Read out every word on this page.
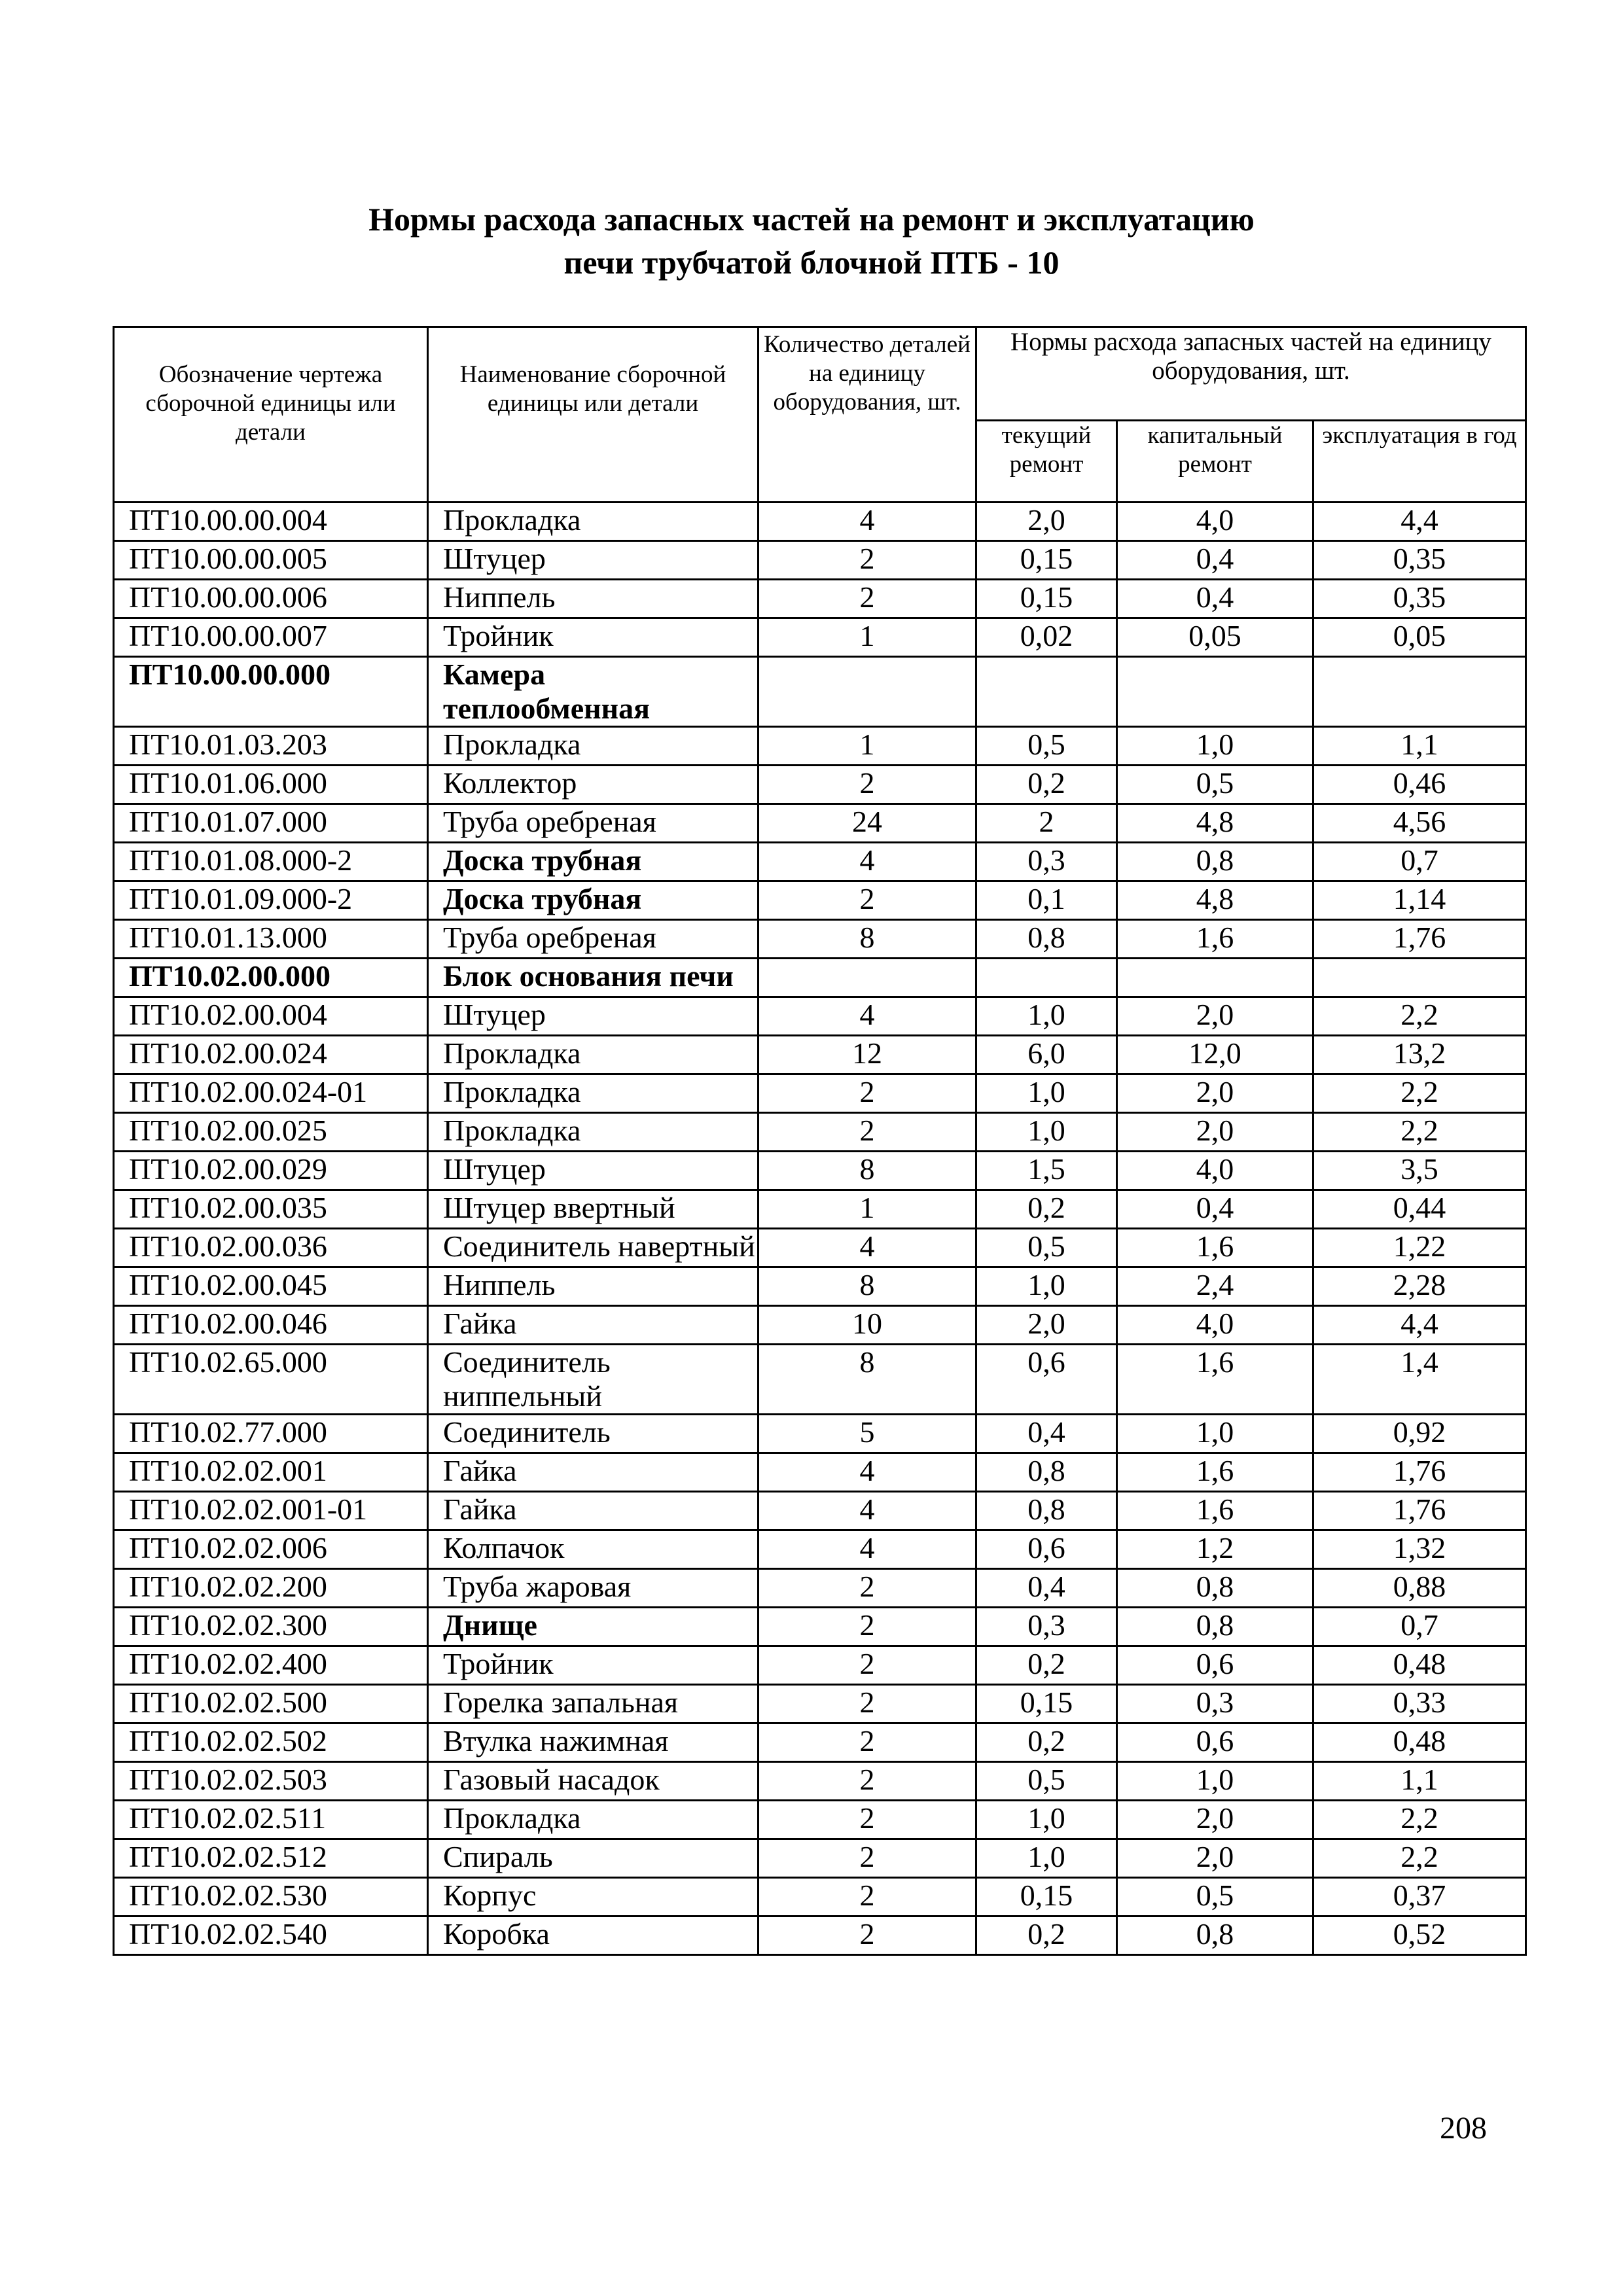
Нормы расхода запасных частей на ремонт и эксплуатацию
печи трубчатой блочной ПТБ - 10
Обозначение чертежа сборочной единицы или детали	Наименование сборочной единицы или детали	Количество деталей на единицу оборудования, шт.	Нормы расхода запасных частей на единицу оборудования, шт.		
			текущий ремонт	капитальный ремонт	эксплуатация в год
ПТ10.00.00.004	Прокладка	4	2,0	4,0	4,4
ПТ10.00.00.005	Штуцер	2	0,15	0,4	0,35
ПТ10.00.00.006	Ниппель	2	0,15	0,4	0,35
ПТ10.00.00.007	Тройник	1	0,02	0,05	0,05
ПТ10.00.00.000	Камера теплообменная				
ПТ10.01.03.203	Прокладка	1	0,5	1,0	1,1
ПТ10.01.06.000	Коллектор	2	0,2	0,5	0,46
ПТ10.01.07.000	Труба оребреная	24	2	4,8	4,56
ПТ10.01.08.000-2	Доска трубная	4	0,3	0,8	0,7
ПТ10.01.09.000-2	Доска трубная	2	0,1	4,8	1,14
ПТ10.01.13.000	Труба оребреная	8	0,8	1,6	1,76
ПТ10.02.00.000	Блок основания печи				
ПТ10.02.00.004	Штуцер	4	1,0	2,0	2,2
ПТ10.02.00.024	Прокладка	12	6,0	12,0	13,2
ПТ10.02.00.024-01	Прокладка	2	1,0	2,0	2,2
ПТ10.02.00.025	Прокладка	2	1,0	2,0	2,2
ПТ10.02.00.029	Штуцер	8	1,5	4,0	3,5
ПТ10.02.00.035	Штуцер ввертный	1	0,2	0,4	0,44
ПТ10.02.00.036	Соединитель навертный	4	0,5	1,6	1,22
ПТ10.02.00.045	Ниппель	8	1,0	2,4	2,28
ПТ10.02.00.046	Гайка	10	2,0	4,0	4,4
ПТ10.02.65.000	Соединитель ниппельный	8	0,6	1,6	1,4
ПТ10.02.77.000	Соединитель	5	0,4	1,0	0,92
ПТ10.02.02.001	Гайка	4	0,8	1,6	1,76
ПТ10.02.02.001-01	Гайка	4	0,8	1,6	1,76
ПТ10.02.02.006	Колпачок	4	0,6	1,2	1,32
ПТ10.02.02.200	Труба жаровая	2	0,4	0,8	0,88
ПТ10.02.02.300	Днище	2	0,3	0,8	0,7
ПТ10.02.02.400	Тройник	2	0,2	0,6	0,48
ПТ10.02.02.500	Горелка запальная	2	0,15	0,3	0,33
ПТ10.02.02.502	Втулка нажимная	2	0,2	0,6	0,48
ПТ10.02.02.503	Газовый насадок	2	0,5	1,0	1,1
ПТ10.02.02.511	Прокладка	2	1,0	2,0	2,2
ПТ10.02.02.512	Спираль	2	1,0	2,0	2,2
ПТ10.02.02.530	Корпус	2	0,15	0,5	0,37
ПТ10.02.02.540	Коробка	2	0,2	0,8	0,52
208
